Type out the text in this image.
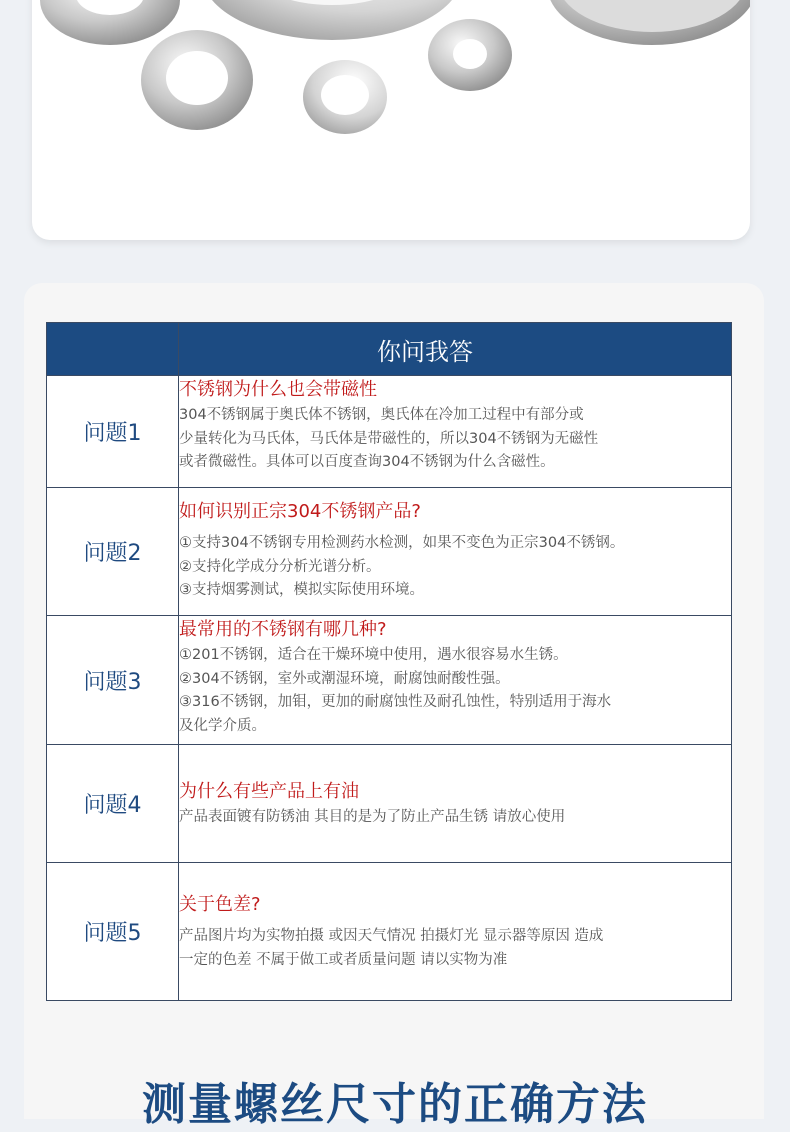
	你问我答
问题1	不锈钢为什么也会带磁性

304不锈钢属于奥氏体不锈钢，奥氏体在冷加工过程中有部分或

少量转化为马氏体，马氏体是带磁性的，所以304不锈钢为无磁性

或者微磁性。具体可以百度查询304不锈钢为什么含磁性。

问题2	如何识别正宗304不锈钢产品?

①支持304不锈钢专用检测药水检测，如果不变色为正宗304不锈钢。

②支持化学成分分析光谱分析。

③支持烟雾测试，模拟实际使用环境。

问题3	最常用的不锈钢有哪几种?

①201不锈钢，适合在干燥环境中使用，遇水很容易水生锈。

②304不锈钢，室外或潮湿环境，耐腐蚀耐酸性强。

③316不锈钢，加钼，更加的耐腐蚀性及耐孔蚀性，特别适用于海水

及化学介质。

问题4	为什么有些产品上有油

产品表面镀有防锈油 其目的是为了防止产品生锈 请放心使用

问题5	关于色差?

产品图片均为实物拍摄 或因天气情况 拍摄灯光 显示器等原因 造成

一定的色差 不属于做工或者质量问题 请以实物为准

测量螺丝尺寸的正确方法
